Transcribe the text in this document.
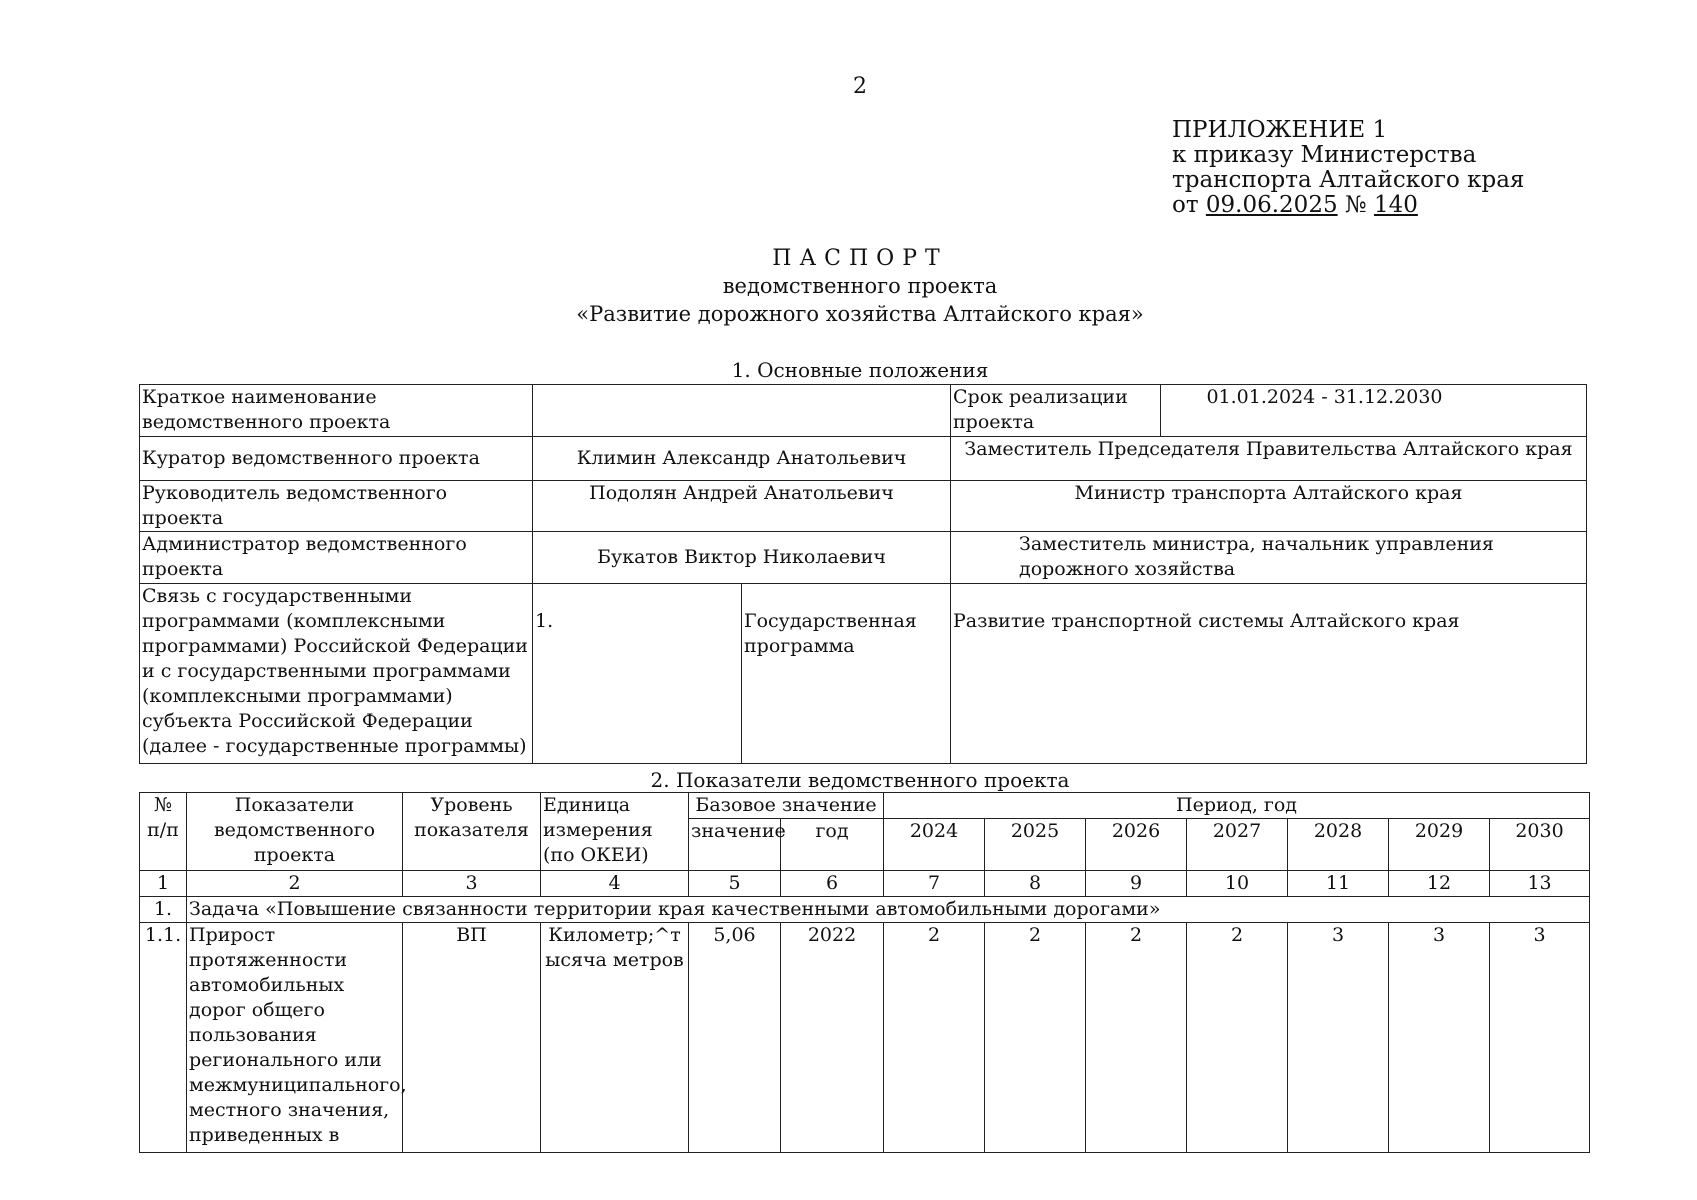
2
ПРИЛОЖЕНИЕ 1
к приказу Министерства
транспорта Алтайского края
от 09.06.2025 № 140
ПАСПОРТ
ведомственного проекта
«Развитие дорожного хозяйства Алтайского края»
1. Основные положения
Краткое наименование ведомственного проекта			Срок реализации проекта	01.01.2024 - 31.12.2030
Куратор ведомственного проекта	Климин Александр Анатольевич		Заместитель Председателя Правительства Алтайского края	
Руководитель ведомственного проекта	Подолян Андрей Анатольевич		Министр транспорта Алтайского края	
Администратор ведомственного проекта	Букатов Виктор Николаевич		Заместитель министра, начальник управления дорожного хозяйства	
Связь с государственными программами (комплексными программами) Российской Федерации и с государственными программами (комплексными программами) субъекта Российской Федерации (далее - государственные программы)	1.	Государственная программа	Развитие транспортной системы Алтайского края	
2. Показатели ведомственного проекта
№ п/п	Показатели ведомственного проекта	Уровень показателя	Единица измерения (по ОКЕИ)	Базовое значение		Период, год						
				значение	год	2024	2025	2026	2027	2028	2029	2030
1	2	3	4	5	6	7	8	9	10	11	12	13
1.	Задача «Повышение связанности территории края качественными автомобильными дорогами»											
1.1.	Прирост протяженности автомобильных дорог общего пользования регионального или межмуниципального, местного значения, приведенных в	ВП	Километр;^тысяча метров	5,06	2022	2	2	2	2	3	3	3
